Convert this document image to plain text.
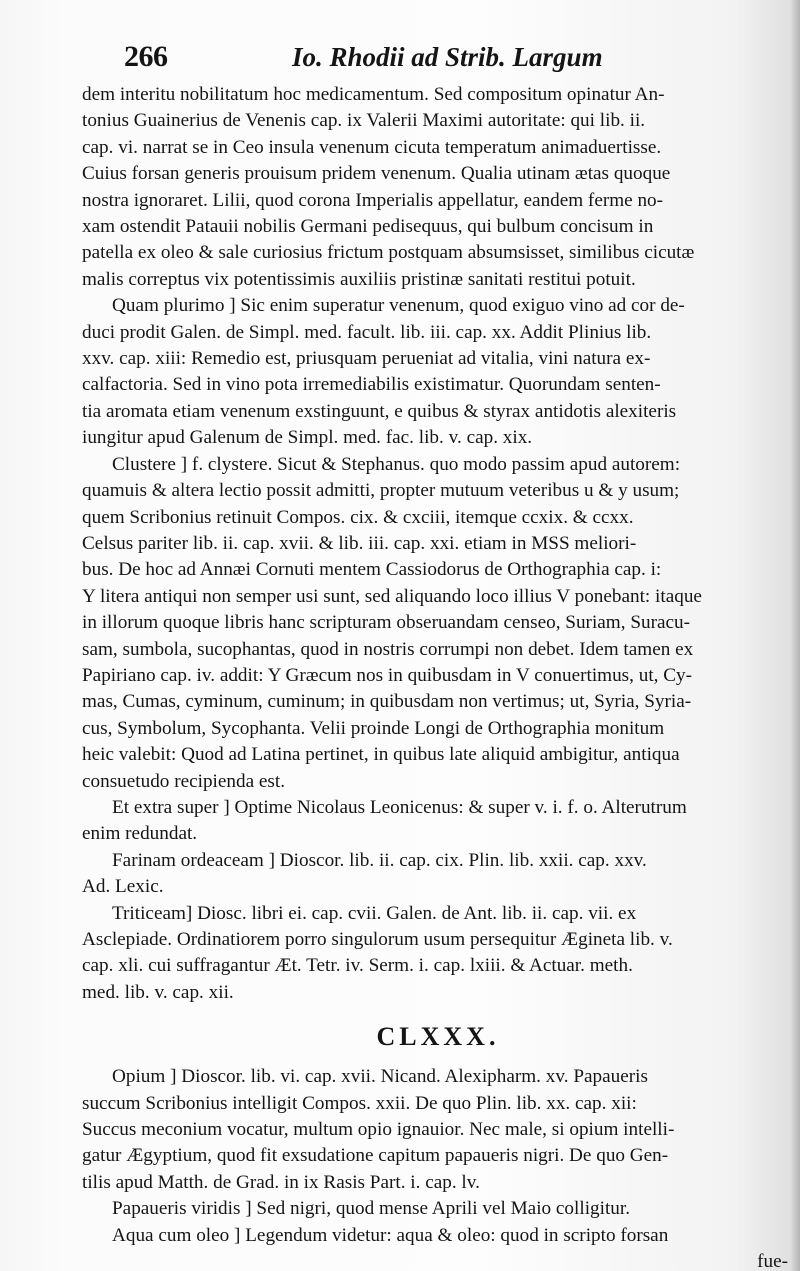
266	Io. Rhodii ad Strib. Largum
dem interitu nobilitatum hoc medicamentum. Sed compositum opinatur An-
tonius Guainerius de Venenis cap. ix Valerii Maximi autoritate: qui lib. ii.
cap. vi. narrat se in Ceo insula venenum cicuta temperatum animaduertisse.
Cuius forsan generis prouisum pridem venenum. Qualia utinam ætas quoque
nostra ignoraret. Lilii, quod corona Imperialis appellatur, eandem ferme no-
xam ostendit Patauii nobilis Germani pedisequus, qui bulbum concisum in
patella ex oleo & sale curiosius frictum postquam absumsisset, similibus cicutæ
malis correptus vix potentissimis auxiliis pristinæ sanitati restitui potuit.
Quam plurimo ] Sic enim superatur venenum, quod exiguo vino ad cor de-
duci prodit Galen. de Simpl. med. facult. lib. iii. cap. xx. Addit Plinius lib.
xxv. cap. xiii: Remedio est, priusquam perueniat ad vitalia, vini natura ex-
calfactoria. Sed in vino pota irremediabilis existimatur. Quorundam senten-
tia aromata etiam venenum exstinguunt, e quibus & styrax antidotis alexiteris
iungitur apud Galenum de Simpl. med. fac. lib. v. cap. xix.
Clustere ] f. clystere. Sicut & Stephanus. quo modo passim apud autorem:
quamuis & altera lectio possit admitti, propter mutuum veteribus u & y usum;
quem Scribonius retinuit Compos. cix. & cxciii, itemque ccxix. & ccxx.
Celsus pariter lib. ii. cap. xvii. & lib. iii. cap. xxi. etiam in MSS meliori-
bus. De hoc ad Annæi Cornuti mentem Cassiodorus de Orthographia cap. i:
Y litera antiqui non semper usi sunt, sed aliquando loco illius V ponebant: itaque
in illorum quoque libris hanc scripturam obseruandam censeo, Suriam, Suracu-
sam, sumbola, sucophantas, quod in nostris corrumpi non debet. Idem tamen ex
Papiriano cap. iv. addit: Y Græcum nos in quibusdam in V conuertimus, ut, Cy-
mas, Cumas, cyminum, cuminum; in quibusdam non vertimus; ut, Syria, Syria-
cus, Symbolum, Sycophanta. Velii proinde Longi de Orthographia monitum
heic valebit: Quod ad Latina pertinet, in quibus late aliquid ambigitur, antiqua
consuetudo recipienda est.
Et extra super ] Optime Nicolaus Leonicenus: & super v. i. f. o. Alterutrum
enim redundat.
Farinam ordeaceam ] Dioscor. lib. ii. cap. cix. Plin. lib. xxii. cap. xxv.
Ad. Lexic.
Triticeam] Diosc. libri ei. cap. cvii. Galen. de Ant. lib. ii. cap. vii. ex
Asclepiade. Ordinatiorem porro singulorum usum persequitur Æginetа lib. v.
cap. xli. cui suffragantur Æt. Tetr. iv. Serm. i. cap. lxiii. & Actuar. meth.
med. lib. v. cap. xii.
CLXXX.
Opium ] Dioscor. lib. vi. cap. xvii. Nicand. Alexipharm. xv. Papaueris
succum Scribonius intelligit Compos. xxii. De quo Plin. lib. xx. cap. xii:
Succus meconium vocatur, multum opio ignauior. Nec male, si opium intelli-
gatur Ægyptium, quod fit exsudatione capitum papaueris nigri. De quo Gen-
tilis apud Matth. de Grad. in ix Rasis Part. i. cap. lv.
Papaueris viridis ] Sed nigri, quod mense Aprili vel Maio colligitur.
Aqua cum oleo ] Legendum videtur: aqua & oleo: quod in scripto forsan
fue-
